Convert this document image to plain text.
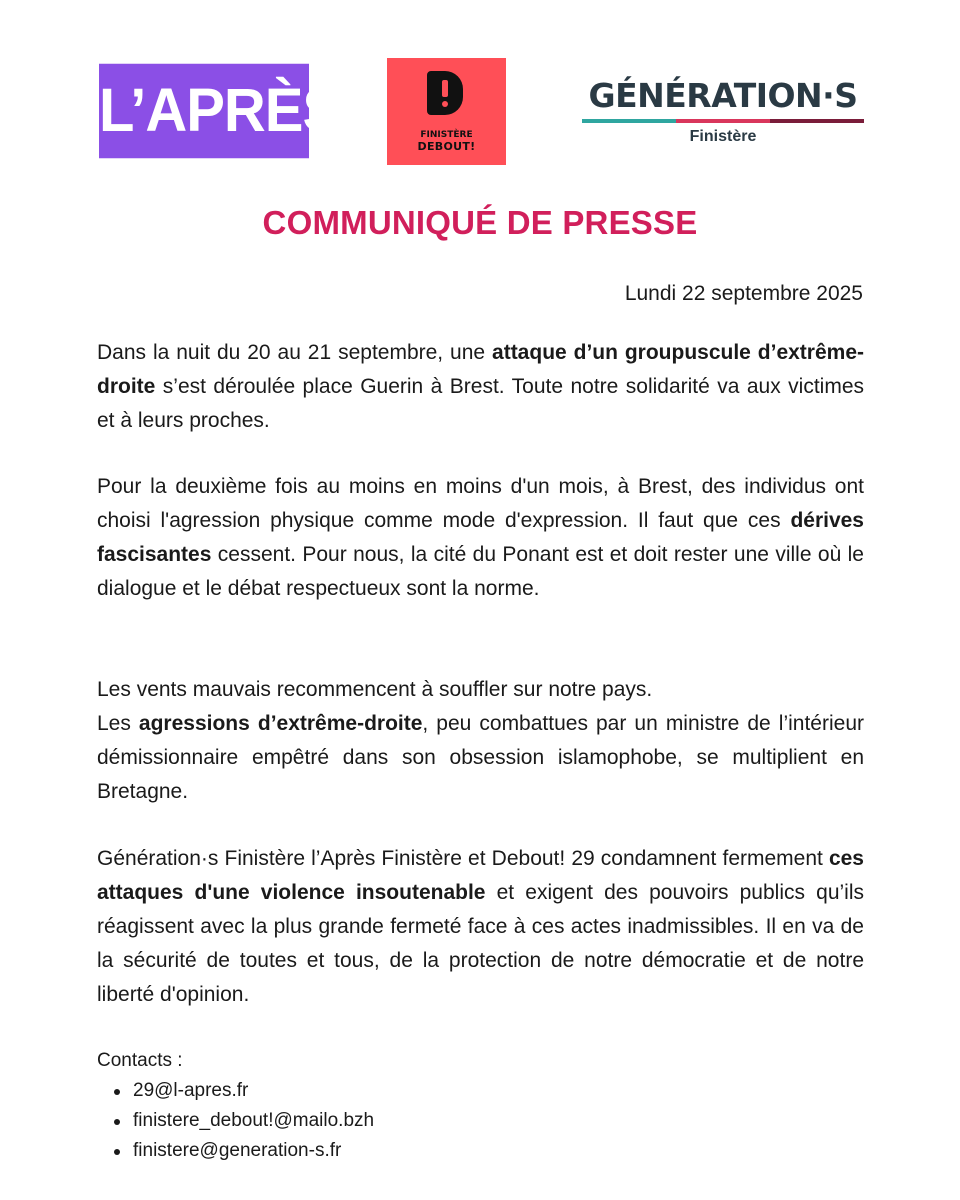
L’APRÈS	FINISTÈRE
DEBOUT!
GÉNÉRATION·S
Finistère
COMMUNIQUÉ DE PRESSE
Lundi 22 septembre 2025

Dans la nuit du 20 au 21 septembre, une attaque d’un groupuscule d’extrême-droite s’est déroulée place Guerin à Brest. Toute notre solidarité va aux victimes et à leurs proches.

Pour la deuxième fois au moins en moins d'un mois, à Brest, des individus ont choisi l'agression physique comme mode d'expression. Il faut que ces dérives fascisantes cessent. Pour nous, la cité du Ponant est et doit rester une ville où le dialogue et le débat respectueux sont la norme.

Les vents mauvais recommencent à souffler sur notre pays.
Les agressions d’extrême-droite, peu combattues par un ministre de l’intérieur démissionnaire empêtré dans son obsession islamophobe, se multiplient en Bretagne.

Génération·s Finistère l’Après Finistère et Debout! 29 condamnent fermement ces attaques d'une violence insoutenable et exigent des pouvoirs publics qu’ils réagissent avec la plus grande fermeté face à ces actes inadmissibles. Il en va de la sécurité de toutes et tous, de la protection de notre démocratie et de notre liberté d'opinion.

Contacts :
29@l-apres.fr
finistere_debout!@mailo.bzh
finistere@generation-s.fr
